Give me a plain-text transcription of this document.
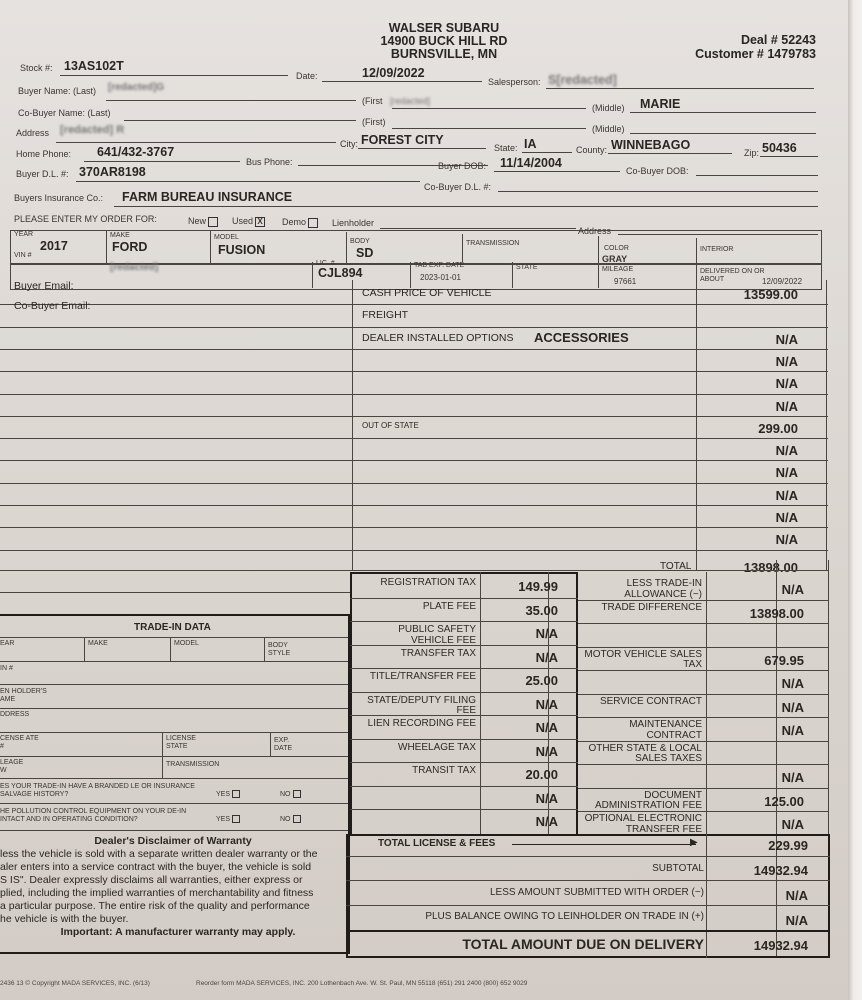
WALSER SUBARU
14900 BUCK HILL RD
BURNSVILLE, MN
Deal # 52243
Customer # 1479783
Stock #: 13AS102T
Date:	12/09/2022
Salesperson: S[redacted]
Buyer Name: (Last) [redacted]G
(First [redacted]
(Middle) MARIE
Co-Buyer Name: (Last)
(First)
(Middle)
Address [redacted] R
City: FOREST CITY
State: IA	County: WINNEBAGO
Zip: 50436
Home Phone: 641/432-3767
Bus Phone:	Buyer DOB: 11/14/2004
Co-Buyer DOB:
Buyer D.L. #: 370AR8198
Co-Buyer D.L. #:
Buyers Insurance Co.: FARM BUREAU INSURANCE
PLEASE ENTER MY ORDER FOR:	New	Used X Demo	Lienholder
Address
YEAR
2017
MAKE
FORD
MODEL
FUSION
BODY
SD
TRANSMISSION
COLOR
GRAY
INTERIOR
VIN #
[redacted]	LIC. #
CJL894
TAB EXP. DATE
2023-01-01
STATE	MILEAGE
97661
DELIVERED ON OR ABOUT	12/09/2022
CASH PRICE OF VEHICLE	13599.00
FREIGHT
DEALER INSTALLED OPTIONS ACCESSORIES	N/A
N/A
N/A
N/A
OUT OF STATE	299.00
N/A
N/A
N/A
N/A
N/A
Buyer Email:
Co-Buyer Email:
TOTAL	13898.00
TRADE-IN DATA
EAR	MAKE	MODEL	BODY STYLE
IN #
EN HOLDER'S AME
DDRESS
CENSE ATE #
LICENSE STATE
EXP. DATE
LEAGE W
TRANSMISSION
ES YOUR TRADE-IN HAVE A BRANDED LE OR INSURANCE SALVAGE HISTORY?	YES	NO
HE POLLUTION CONTROL EQUIPMENT ON YOUR DE-IN INTACT AND IN OPERATING CONDITION?	YES	NO
Dealer's Disclaimer of Warranty
less the vehicle is sold with a separate written dealer warranty or the
aler enters into a service contract with the buyer, the vehicle is sold
S IS". Dealer expressly disclaims all warranties, either express or
plied, including the implied warranties of merchantability and fitness
a particular purpose. The entire risk of the quality and performance
he vehicle is with the buyer.
Important: A manufacturer warranty may apply.
REGISTRATION TAX	149.99
PLATE FEE	35.00
PUBLIC SAFETY VEHICLE FEE	N/A
TRANSFER TAX	N/A
TITLE/TRANSFER FEE	25.00
STATE/DEPUTY FILING FEE	N/A
LIEN RECORDING FEE	N/A
WHEELAGE TAX	N/A
TRANSIT TAX	20.00
N/A
N/A
LESS TRADE-IN ALLOWANCE (−)	N/A
TRADE DIFFERENCE	13898.00
MOTOR VEHICLE SALES TAX	679.95
N/A
SERVICE CONTRACT	N/A
MAINTENANCE CONTRACT	N/A
OTHER STATE & LOCAL SALES TAXES
N/A
DOCUMENT ADMINISTRATION FEE	125.00
OPTIONAL ELECTRONIC TRANSFER FEE	N/A
TOTAL LICENSE & FEES	▶	229.99
SUBTOTAL	14932.94
LESS AMOUNT SUBMITTED WITH ORDER (−)	N/A
PLUS BALANCE OWING TO LEINHOLDER ON TRADE IN (+)	N/A
TOTAL AMOUNT DUE ON DELIVERY	14932.94
2436 13 © Copyright MADA SERVICES, INC. (6/13)	Reorder form MADA SERVICES, INC. 200 Lothenbach Ave. W. St. Paul, MN 55118 (651) 291 2400 (800) 652 9029
